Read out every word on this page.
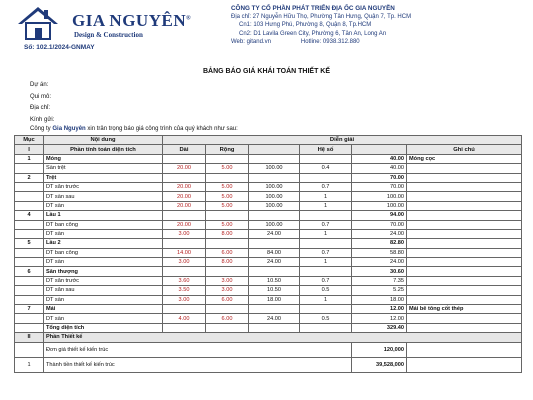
GIA NGUYÊN®
Design & Construction
CÔNG TY CỔ PHẦN PHÁT TRIỂN ĐỊA ỐC GIA NGUYỄN
Địa chỉ: 27 Nguyễn Hữu Thọ, Phường Tân Hưng, Quận 7, Tp. HCM
Cn1: 103 Hưng Phú, Phường 8, Quận 8, Tp.HCM
Cn2: D1 Lavila Green City, Phường 6, Tân An, Long An
Web: gitand.vn	Hotline: 0938.312.880
Số: 102.1/2024-GNMAY
BẢNG BÁO GIÁ KHÁI TOÁN THIẾT KẾ
Dự án:
Qui mô:
Địa chỉ:
Kính gửi:
Công ty Gia Nguyên xin trân trọng báo giá công trình của quý khách như sau:
Mục	Nội dung	Diễn giải					
I	Phần tính toán diện tích	Dài	Rộng		Hệ số		Ghi chú
1	Móng					40.00	Móng cọc
	Sàn trệt	20.00	5.00	100.00	0.4	40.00	
2	Trệt					70.00	
	DT sân trước	20.00	5.00	100.00	0.7	70.00	
	DT sàn sau	20.00	5.00	100.00	1	100.00	
	DT sàn	20.00	5.00	100.00	1	100.00	
4	Lầu 1					94.00	
	DT ban công	20.00	5.00	100.00	0.7	70.00	
	DT sàn	3.00	8.00	24.00	1	24.00	
5	Lầu 2					82.80	
	DT ban công	14.00	6.00	84.00	0.7	58.80	
	DT sàn	3.00	8.00	24.00	1	24.00	
6	Sân thượng					30.60	
	DT sân trước	3.60	3.00	10.50	0.7	7.35	
	DT sân sau	3.50	3.00	10.50	0.5	5.25	
	DT sàn	3.00	6.00	18.00	1	18.00	
7	Mái					12.00	Mái bê tông cốt thép
	DT sàn	4.00	6.00	24.00	0.5	12.00	
	Tổng diện tích					329.40	
II	Phần Thiết kế						
	Đơn giá thiết kế kiến trúc					120,000	
1	Thành tiền thiết kế kiến trúc					39,528,000	
